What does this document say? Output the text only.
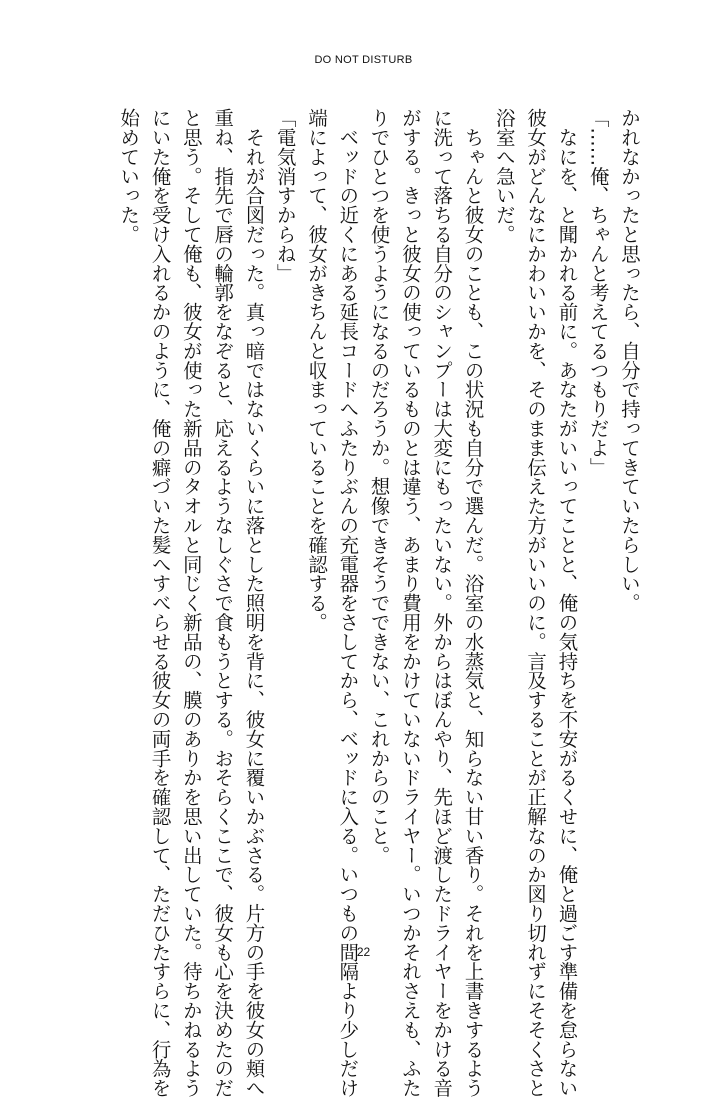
DO NOT DISTURB
かれなかったと思ったら、自分で持ってきていたらしい。
「……俺、ちゃんと考えてるつもりだよ」
　なにを、と聞かれる前に。あなたがいいってことと、俺の気持ちを不安がるくせに、俺と過ごす準備を怠らない
彼女がどんなにかわいいかを、そのまま伝えた方がいいのに。言及することが正解なのか図り切れずにそそくさと
浴室へ急いだ。
　ちゃんと彼女のことも、この状況も自分で選んだ。浴室の水蒸気と、知らない甘い香り。それを上書きするよう
に洗って落ちる自分のシャンプーは大変にもったいない。外からはぼんやり、先ほど渡したドライヤーをかける音
がする。きっと彼女の使っているものとは違う、あまり費用をかけていないドライヤー。いつかそれさえも、ふた
りでひとつを使うようになるのだろうか。想像できそうでできない、これからのこと。
　ベッドの近くにある延長コードへふたりぶんの充電器をさしてから、ベッドに入る。いつもの間隔より少しだけ
端によって、彼女がきちんと収まっていることを確認する。
「電気消すからね」
　それが合図だった。真っ暗ではないくらいに落とした照明を背に、彼女に覆いかぶさる。片方の手を彼女の頬へ
重ね、指先で唇の輪郭をなぞると、応えるようなしぐさで食もうとする。おそらくここで、彼女も心を決めたのだ
と思う。そして俺も、彼女が使った新品のタオルと同じく新品の、膜のありかを思い出していた。待ちかねるよう
にいた俺を受け入れるかのように、俺の癖づいた髪へすべらせる彼女の両手を確認して、ただひたすらに、行為を
始めていった。
22
